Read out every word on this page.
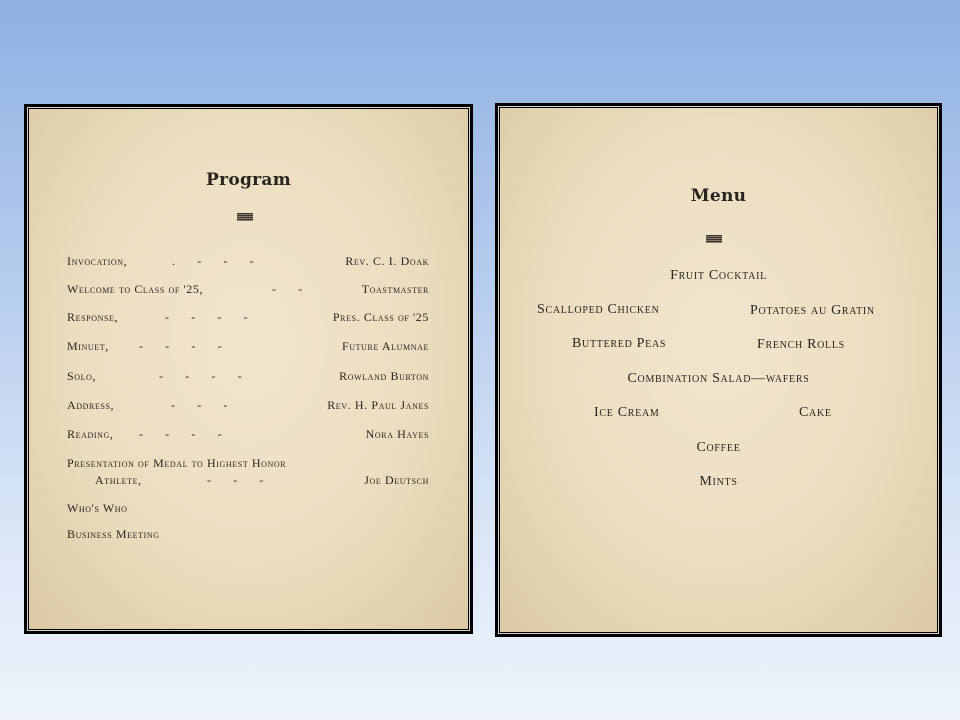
Program
Invocation,	.      -      -      -	Rev. C. I. Doak
Welcome to Class of '25,	-      -	Toastmaster
Response,	-      -      -      -	Pres. Class of '25
Minuet,	-      -      -      -	Future Alumnae
Solo,	-      -      -      -	Rowland Burton
Address,	-      -      -	Rev. H. Paul Janes
Reading, -      -      -      -	Nora Hayes
Presentation of Medal to Highest Honor
Athlete,	-      -      -	Joe Deutsch
Who's Who
Business Meeting
Menu
Fruit Cocktail
Scalloped Chicken	Potatoes au Gratin
Buttered Peas	French Rolls
Combination Salad—wafers
Ice Cream	Cake
Coffee
Mints
